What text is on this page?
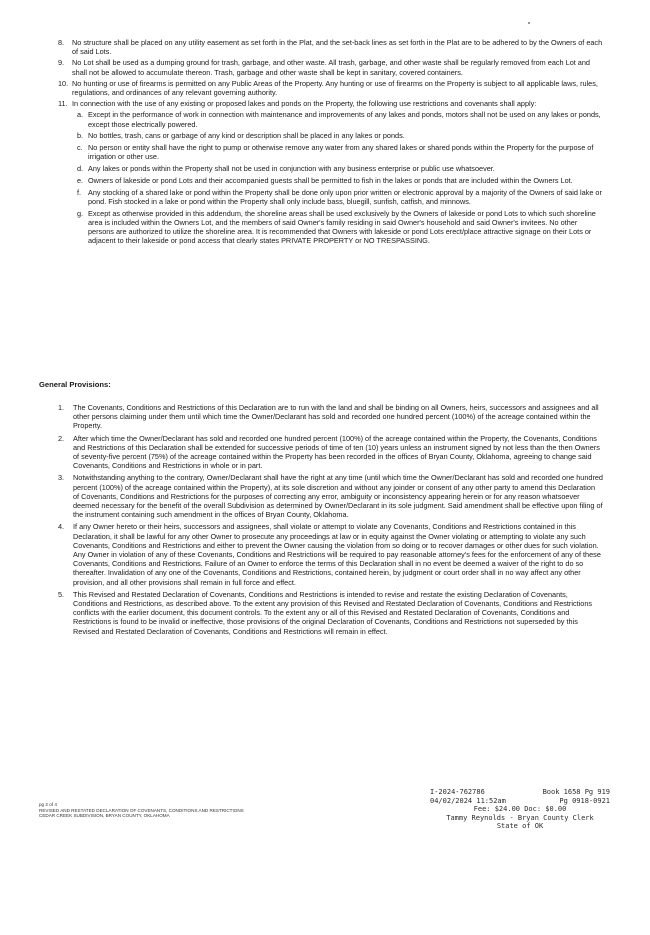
8. No structure shall be placed on any utility easement as set forth in the Plat, and the set-back lines as set forth in the Plat are to be adhered to by the Owners of each of said Lots.
9. No Lot shall be used as a dumping ground for trash, garbage, and other waste. All trash, garbage, and other waste shall be regularly removed from each Lot and shall not be allowed to accumulate thereon. Trash, garbage and other waste shall be kept in sanitary, covered containers.
10. No hunting or use of firearms is permitted on any Public Areas of the Property. Any hunting or use of firearms on the Property is subject to all applicable laws, rules, regulations, and ordinances of any relevant governing authority.
11. In connection with the use of any existing or proposed lakes and ponds on the Property, the following use restrictions and covenants shall apply:
a. Except in the performance of work in connection with maintenance and improvements of any lakes and ponds, motors shall not be used on any lakes or ponds, except those electrically powered.
b. No bottles, trash, cans or garbage of any kind or description shall be placed in any lakes or ponds.
c. No person or entity shall have the right to pump or otherwise remove any water from any shared lakes or shared ponds within the Property for the purpose of irrigation or other use.
d. Any lakes or ponds within the Property shall not be used in conjunction with any business enterprise or public use whatsoever.
e. Owners of lakeside or pond Lots and their accompanied guests shall be permitted to fish in the lakes or ponds that are included within the Owners Lot.
f. Any stocking of a shared lake or pond within the Property shall be done only upon prior written or electronic approval by a majority of the Owners of said lake or pond. Fish stocked in a lake or pond within the Property shall only include bass, bluegill, sunfish, catfish, and minnows.
g. Except as otherwise provided in this addendum, the shoreline areas shall be used exclusively by the Owners of lakeside or pond Lots to which such shoreline area is included within the Owners Lot, and the members of said Owner's family residing in said Owner's household and said Owner's invitees. No other persons are authorized to utilize the shoreline area. It is recommended that Owners with lakeside or pond Lots erect/place attractive signage on their Lots or adjacent to their lakeside or pond access that clearly states PRIVATE PROPERTY or NO TRESPASSING.
General Provisions:
1. The Covenants, Conditions and Restrictions of this Declaration are to run with the land and shall be binding on all Owners, heirs, successors and assignees and all other persons claiming under them until which time the Owner/Declarant has sold and recorded one hundred percent (100%) of the acreage contained within the Property.
2. After which time the Owner/Declarant has sold and recorded one hundred percent (100%) of the acreage contained within the Property, the Covenants, Conditions and Restrictions of this Declaration shall be extended for successive periods of time of ten (10) years unless an instrument signed by not less than the then Owners of seventy-five percent (75%) of the acreage contained within the Property has been recorded in the offices of Bryan County, Oklahoma, agreeing to change said Covenants, Conditions and Restrictions in whole or in part.
3. Notwithstanding anything to the contrary, Owner/Declarant shall have the right at any time (until which time the Owner/Declarant has sold and recorded one hundred percent (100%) of the acreage contained within the Property), at its sole discretion and without any joinder or consent of any other party to amend this Declaration of Covenants, Conditions and Restrictions for the purposes of correcting any error, ambiguity or inconsistency appearing herein or for any reason whatsoever deemed necessary for the benefit of the overall Subdivision as determined by Owner/Declarant in its sole judgment. Said amendment shall be effective upon filing of the instrument containing such amendment in the offices of Bryan County, Oklahoma.
4. If any Owner hereto or their heirs, successors and assignees, shall violate or attempt to violate any Covenants, Conditions and Restrictions contained in this Declaration, it shall be lawful for any other Owner to prosecute any proceedings at law or in equity against the Owner violating or attempting to violate any such Covenants, Conditions and Restrictions and either to prevent the Owner causing the violation from so doing or to recover damages or other dues for such violation. Any Owner in violation of any of these Covenants, Conditions and Restrictions will be required to pay reasonable attorney's fees for the enforcement of any of these Covenants, Conditions and Restrictions. Failure of an Owner to enforce the terms of this Declaration shall in no event be deemed a waiver of the right to do so thereafter. Invalidation of any one of the Covenants, Conditions and Restrictions, contained herein, by judgment or court order shall in no way affect any other provision, and all other provisions shall remain in full force and effect.
5. This Revised and Restated Declaration of Covenants, Conditions and Restrictions is intended to revise and restate the existing Declaration of Covenants, Conditions and Restrictions, as described above. To the extent any provision of this Revised and Restated Declaration of Covenants, Conditions and Restrictions conflicts with the earlier document, this document controls. To the extent any or all of this Revised and Restated Declaration of Covenants, Conditions and Restrictions is found to be invalid or ineffective, those provisions of the original Declaration of Covenants, Conditions and Restrictions not superseded by this Revised and Restated Declaration of Covenants, Conditions and Restrictions will remain in effect.
pg 2 of 4
REVISED AND RESTATED DECLARATION OF COVENANTS, CONDITIONS AND RESTRICTIONS
CEDAR CREEK SUBDIVISION, BRYAN COUNTY, OKLAHOMA
I-2024-762786	Book 1658 Pg 919
04/02/2024 11:52am	Pg 0918-0921
Fee: $24.00 Doc: $0.00
Tammy Reynolds - Bryan County Clerk
State of OK
